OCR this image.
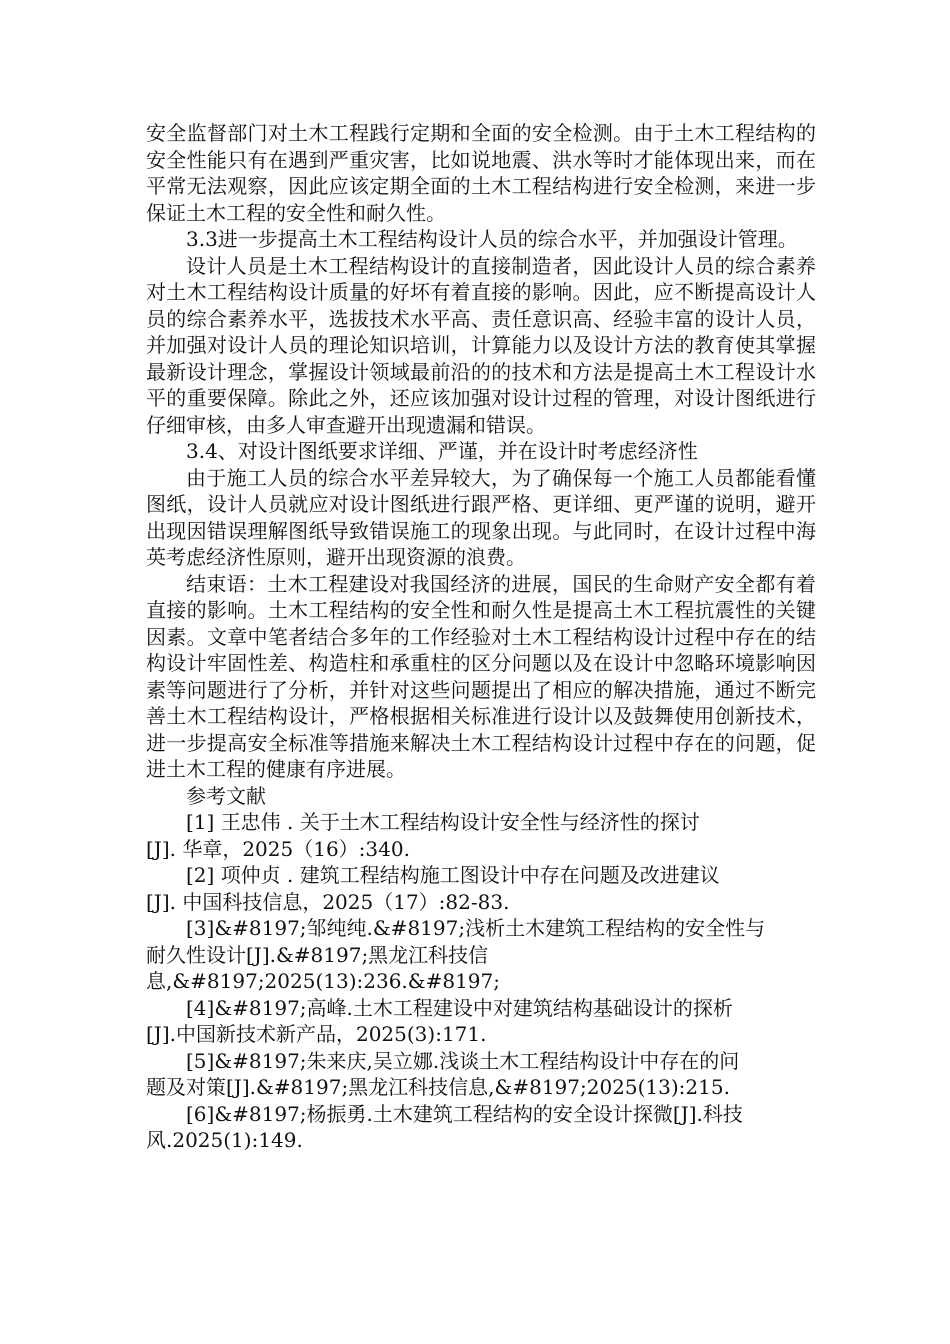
安全监督部门对土木工程践行定期和全面的安全检测。由于土木工程结构的安全性能只有在遇到严重灾害，比如说地震、洪水等时才能体现出来，而在平常无法观察，因此应该定期全面的土木工程结构进行安全检测，来进一步保证土木工程的安全性和耐久性。

3.3进一步提高土木工程结构设计人员的综合水平，并加强设计管理。

设计人员是土木工程结构设计的直接制造者，因此设计人员的综合素养对土木工程结构设计质量的好坏有着直接的影响。因此，应不断提高设计人员的综合素养水平，选拔技术水平高、责任意识高、经验丰富的设计人员，并加强对设计人员的理论知识培训，计算能力以及设计方法的教育使其掌握最新设计理念，掌握设计领域最前沿的的技术和方法是提高土木工程设计水平的重要保障。除此之外，还应该加强对设计过程的管理，对设计图纸进行仔细审核，由多人审查避开出现遗漏和错误。

3.4、对设计图纸要求详细、严谨，并在设计时考虑经济性

由于施工人员的综合水平差异较大，为了确保每一个施工人员都能看懂图纸，设计人员就应对设计图纸进行跟严格、更详细、更严谨的说明，避开出现因错误理解图纸导致错误施工的现象出现。与此同时，在设计过程中海英考虑经济性原则，避开出现资源的浪费。

结束语：土木工程建设对我国经济的进展，国民的生命财产安全都有着直接的影响。土木工程结构的安全性和耐久性是提高土木工程抗震性的关键因素。文章中笔者结合多年的工作经验对土木工程结构设计过程中存在的结构设计牢固性差、构造柱和承重柱的区分问题以及在设计中忽略环境影响因素等问题进行了分析，并针对这些问题提出了相应的解决措施，通过不断完善土木工程结构设计，严格根据相关标准进行设计以及鼓舞使用创新技术，进一步提高安全标准等措施来解决土木工程结构设计过程中存在的问题，促进土木工程的健康有序进展。

参考文献

[1] 王忠伟 . 关于土木工程结构设计安全性与经济性的探讨
[J]. 华章，2025（16）:340.

[2] 项仲贞 . 建筑工程结构施工图设计中存在问题及改进建议
[J]. 中国科技信息，2025（17）:82-83.

[3]&#8197;邹纯纯.&#8197;浅析土木建筑工程结构的安全性与
耐久性设计[J].&#8197;黑龙江科技信
息,&#8197;2025(13):236.&#8197;

[4]&#8197;高峰.土木工程建设中对建筑结构基础设计的探析
[J].中国新技术新产品，2025(3):171.

[5]&#8197;朱来庆,吴立娜.浅谈土木工程结构设计中存在的问
题及对策[J].&#8197;黑龙江科技信息,&#8197;2025(13):215.

[6]&#8197;杨振勇.土木建筑工程结构的安全设计探微[J].科技
风.2025(1):149.
